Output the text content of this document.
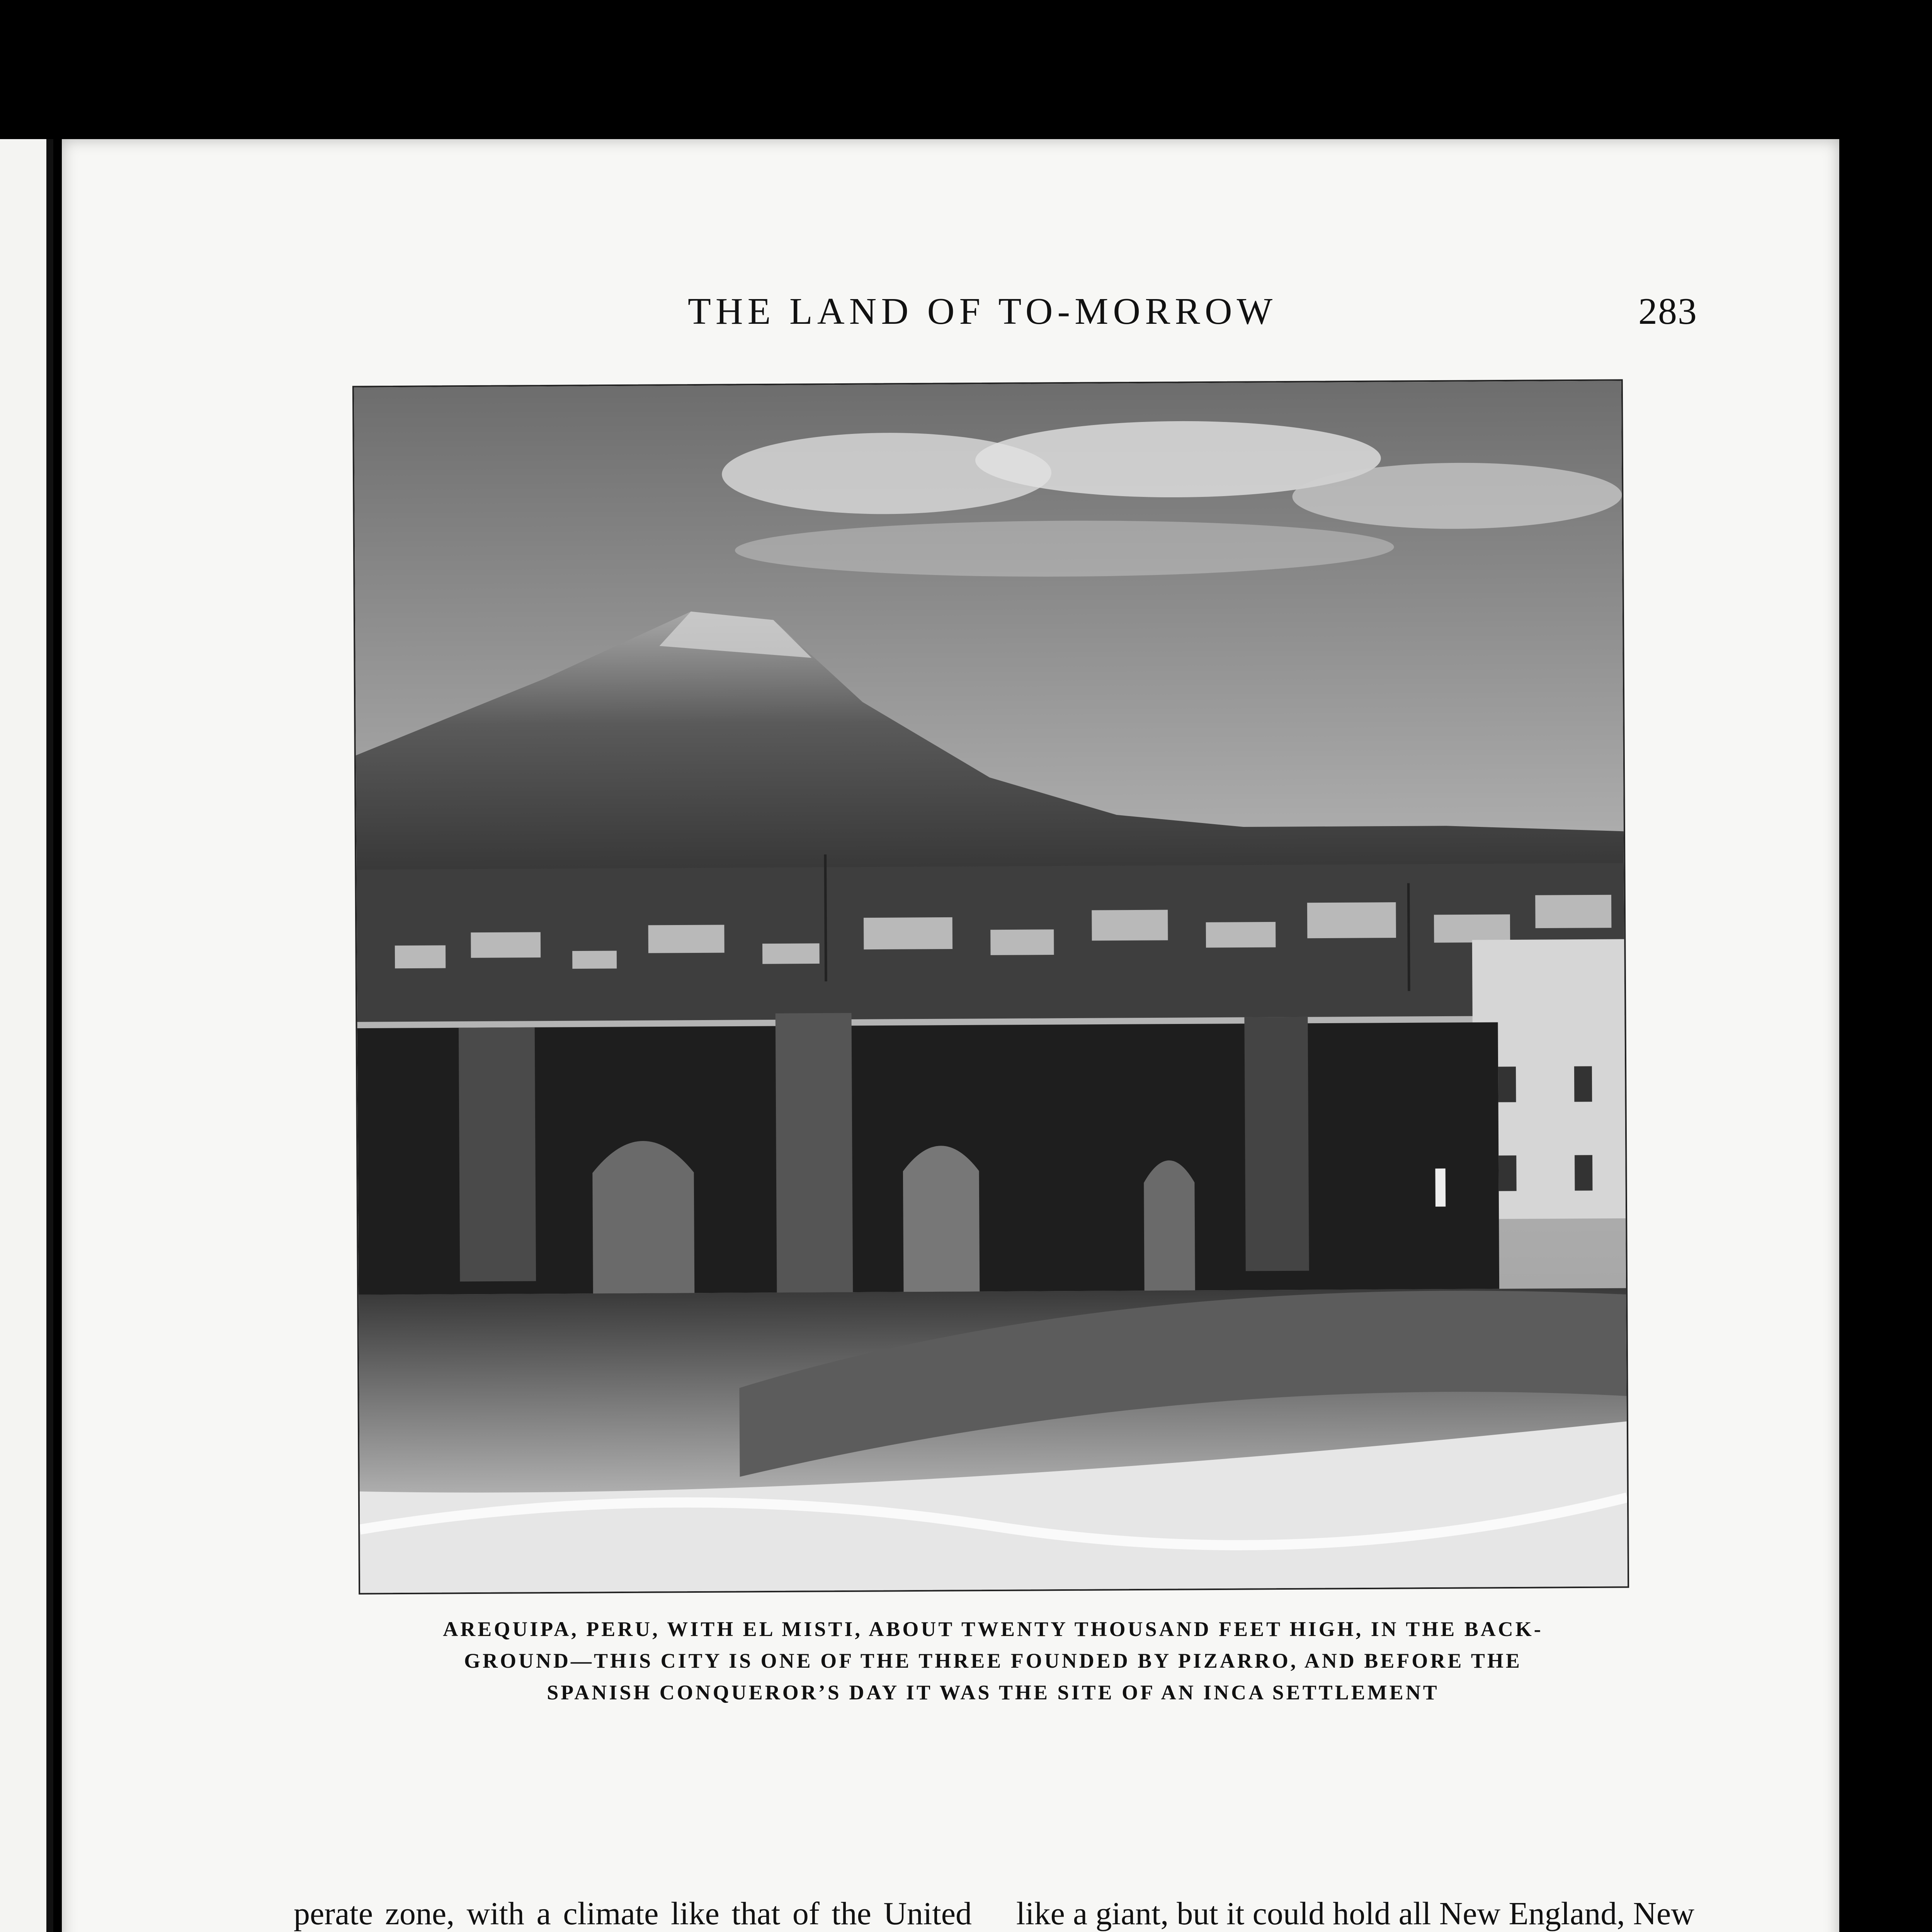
THE LAND OF TO-MORROW	283
AREQUIPA, PERU, WITH EL MISTI, ABOUT TWENTY THOUSAND FEET HIGH, IN THE BACK-
GROUND—THIS CITY IS ONE OF THE THREE FOUNDED BY PIZARRO, AND BEFORE THE
SPANISH CONQUEROR’S DAY IT WAS THE SITE OF AN INCA SETTLEMENT

perate zone, with a climate like that of the United like a giant, but it could hold all New England, New
